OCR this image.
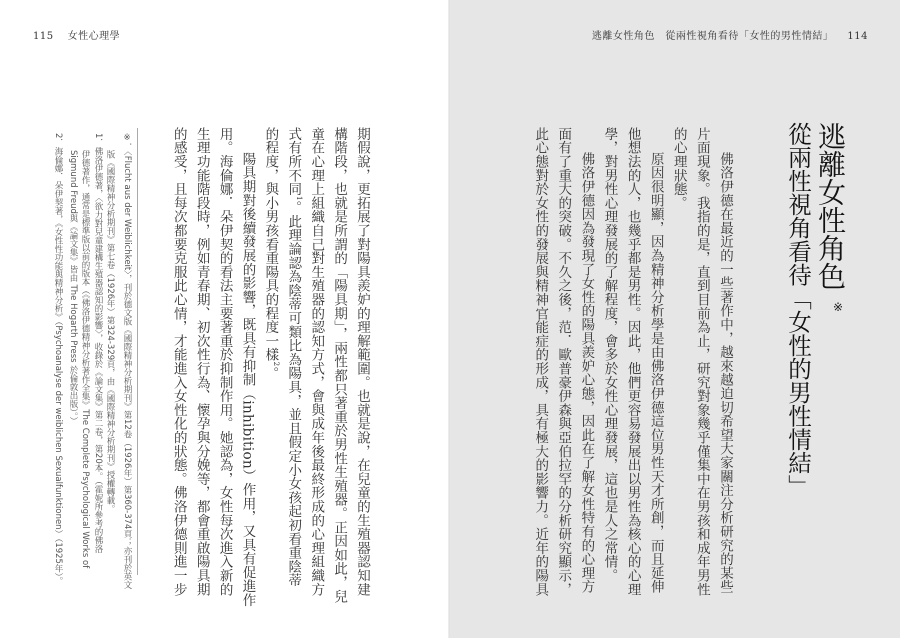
115 女性心理學
期假說，更拓展了對陽具羨妒的理解範圍。也就是說，在兒童的生殖器認知建
構階段，也就是所謂的「陽具期」，兩性都只著重於男性生殖器。正因如此，兒
童在心理上組織自己對生殖器的認知方式，會與成年後最終形成的心理組織方
式有所不同$^1$。此理論認為陰蒂可類比為陽具，並且假定小女孩起初看重陰蒂
的程度，與小男孩看重陽具的程度一樣$^2$。
陽具期對後續發展的影響，既具有抑制（inhibition）作用，又具有促進作
用。海倫娜．朵伊契的看法主要著重於抑制作用。她認為，女性每次進入新的
生理功能階段時，例如青春期、初次性行為、懷孕與分娩等，都會重啟陽具期
的感受，且每次都要克服此心情，才能進入女性化的狀態。佛洛伊德則進一步
※．〈Flucht aus der Weiblichkeit〉，刊於德文版《國際精神分析期刊》第12卷（1926年）第360-374頁；亦刊於英文
　　版《國際精神分析期刊》第七卷（1926年）第324-329頁，由《國際精神分析期刊》授權轉載。
1．佛洛伊德著，〈欲力對兒童建構生殖器認知的影響〉，收錄於《論文集》第二卷，第20本。（霍妮所參考的佛洛
　　伊德著作，通常是標準版以前的版本（《佛洛伊德精神分析著作全集》The Complete Psychological Works of
　　Sigmund Freud與《論文集》皆由 The Hogarth Press 於倫敦出版）。）
2．海倫娜．朵伊契著，《女性性功能與精神分析》（Psychoanalyse der weiblichen Sexualfunktionen）（1925年）。
逃離女性角色　從兩性視角看待「女性的男性情結」 114
逃離女性角色
※
從兩性視角看待「女性的男性情結」
佛洛伊德在最近的一些著作中，越來越迫切希望大家關注分析研究的某些
片面現象。我指的是，直到目前為止，研究對象幾乎僅集中在男孩和成年男性
的心理狀態。
原因很明顯，因為精神分析學是由佛洛伊德這位男性天才所創，而且延伸
他想法的人，也幾乎都是男性。因此，他們更容易發展出以男性為核心的心理
學，對男性心理發展的了解程度，會多於女性心理發展，這也是人之常情。
佛洛伊德因為發現了女性的陽具羨妒心態，因此在了解女性特有的心理方
面有了重大的突破。不久之後，范．歐普豪伊森與亞伯拉罕的分析研究顯示，
此心態對於女性的發展與精神官能症的形成，具有極大的影響力。近年的陽具
